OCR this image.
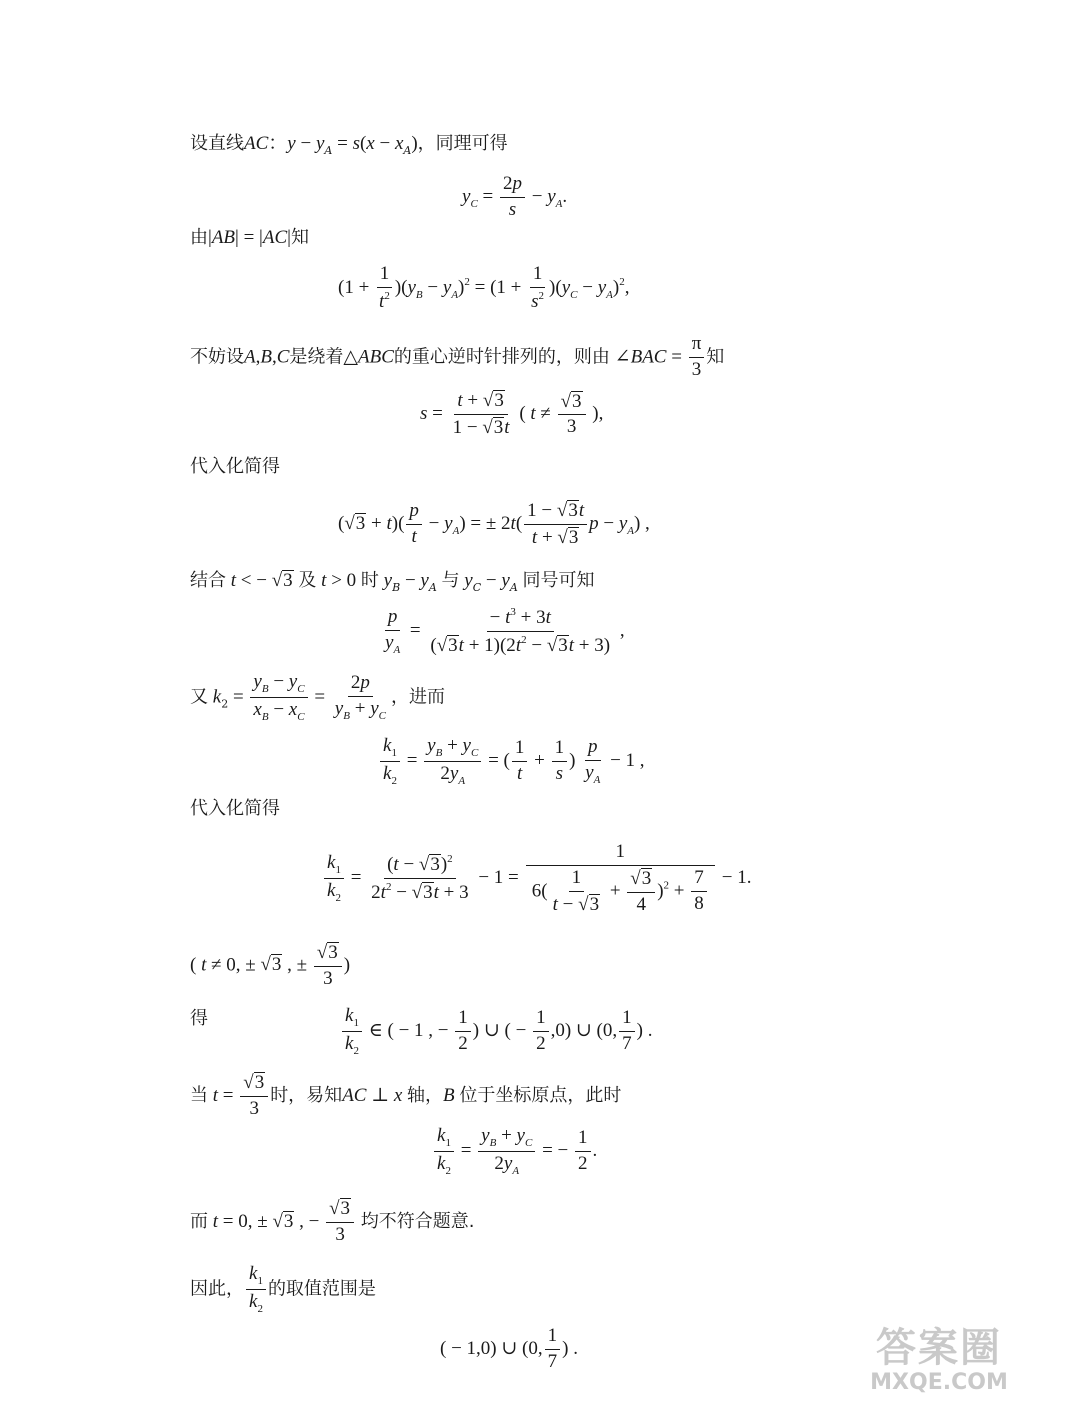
设直线AC：$y - y_A = s(x - x_A)$，同理可得
$y_C = \frac{2p}{s} - y_A$.
由|AB| = |AC|知
$(1 + \frac{1}{t^2} )(y_B - y_A)^2 = (1 + \frac{1}{s^2} )(y_C - y_A)^2$,
不妨设A,B,C是绕着△ABC的重心逆时针排列的，则由 ∠BAC = $\frac{\pi}{3}$ 知
$s = \frac{t + √3}{1 - √3t}$ ( $t \ne \frac{√3}{3}$ ),
代入化简得
$(√3 + t)( \frac{p}{t} - y_A)$ = ± $2t( \frac{1 - √3t}{t + √3}$ $p - y_A$) ,
结合 t < − √3 及 t > 0 时 $y_B - y_A$ 与 $y_C - y_A$ 同号可知
$\frac{p}{y_A} = \frac{- t^3 + 3t}{(√3t + 1)(2t^2 - √3t + 3)}$ ,
又 $k_2 = \frac{y_B - y_C}{x_B - x_C} = \frac{2p}{y_B + y_C}$ ，进而
$\frac{k_1}{k_2} = \frac{y_B + y_C}{2y_A}$ = ( $\frac{1}{t} + \frac{1}{s}$ ) $\frac{p}{y_A} - 1$ ,
代入化简得
$\frac{k_1}{k_2} = \frac{(t - √3)^2}{2t^2 - √3t + 3} - 1 = \frac{1}{6( \frac{1}{t - √3} + \frac{√3}{4} )^2 + \frac{7}{8}} - 1$.
( t ≠ 0, ± √3 , ± $\frac{√3}{3}$ )
得	$\frac{k_1}{k_2}$ ∈ ( − 1 , − $\frac{1}{2}$ ) ∪ ( − $\frac{1}{2} ,0$) ∪ (0, $\frac{1}{7}$ ) .
当 $t = \frac{√3}{3}$ 时，易知AC ⊥ x 轴，B 位于坐标原点，此时
$\frac{k_1}{k_2} = \frac{y_B + y_C}{2y_A}$ = − $\frac{1}{2}$ .
而 t = 0, ± √3 , − $\frac{√3}{3}$ 均不符合题意.
因此， $\frac{k_1}{k_2}$ 的取值范围是
( − 1,0) ∪ (0, $\frac{1}{7}$ ) .	答案圈
MXQE.COM
